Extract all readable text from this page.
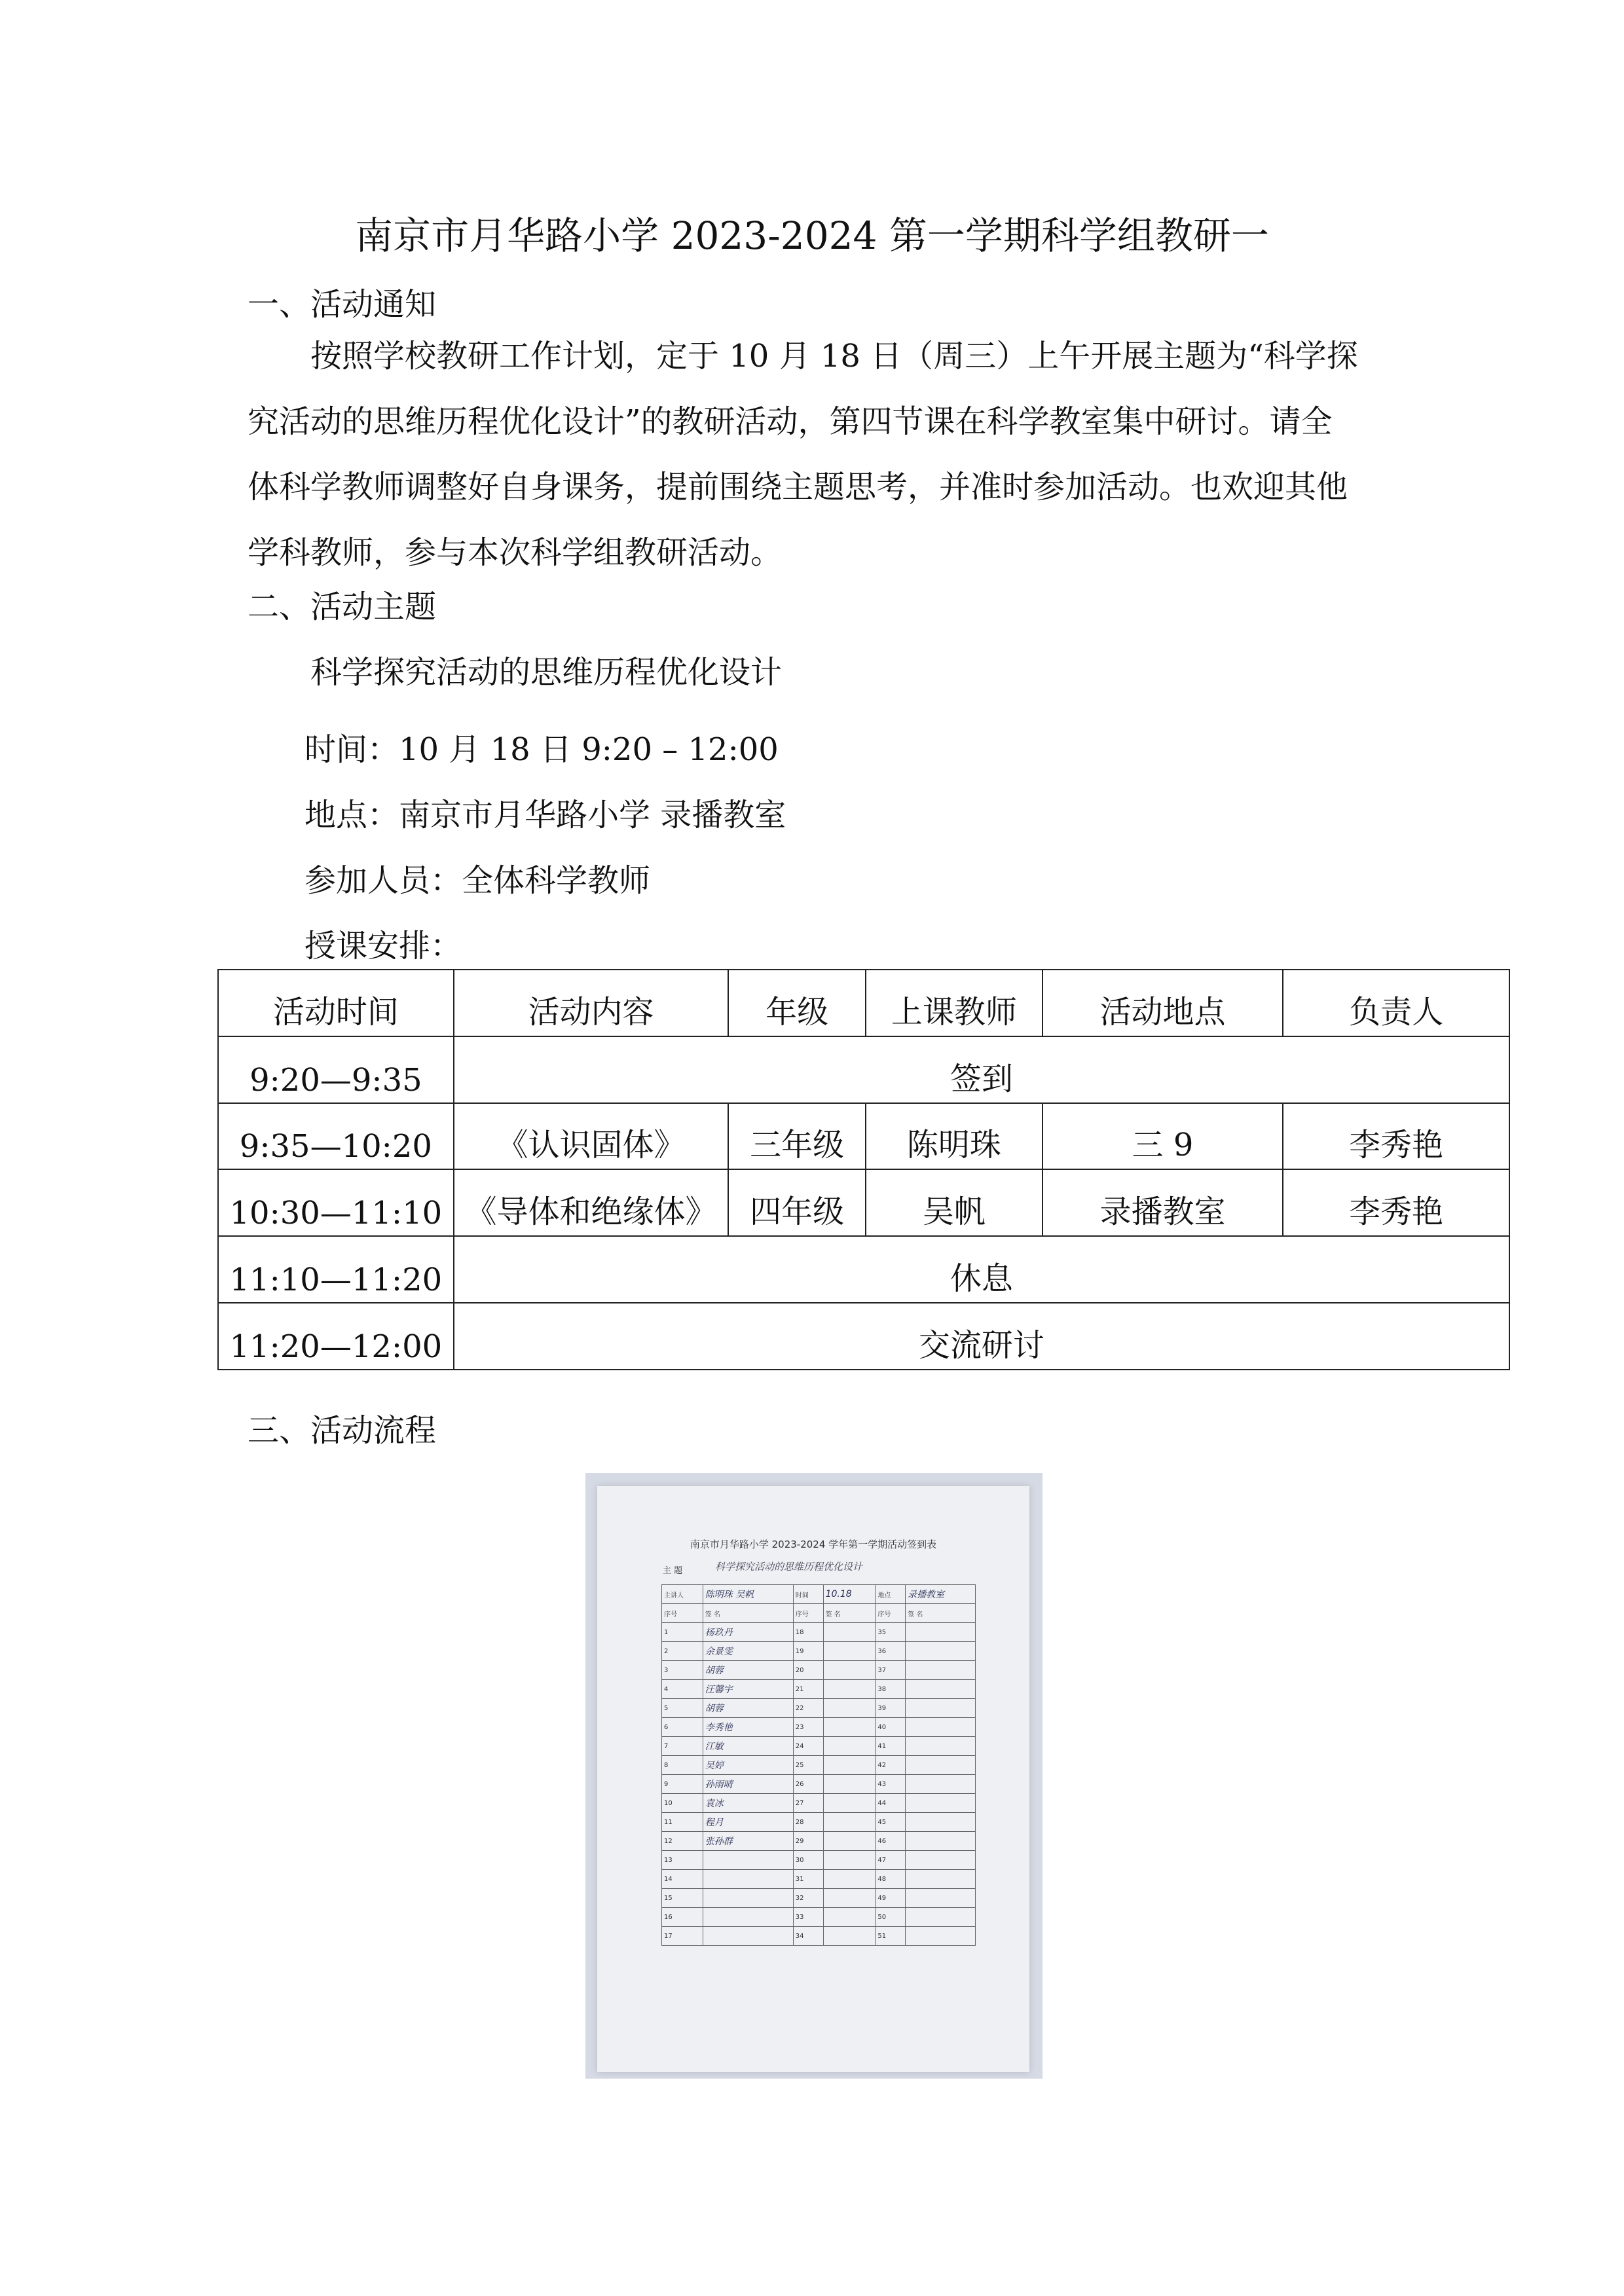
南京市月华路小学 2023-2024 第一学期科学组教研一
一、活动通知

按照学校教研工作计划，定于 10 月 18 日（周三）上午开展主题为“科学探

究活动的思维历程优化设计”的教研活动，第四节课在科学教室集中研讨。请全

体科学教师调整好自身课务，提前围绕主题思考，并准时参加活动。也欢迎其他

学科教师，参与本次科学组教研活动。

二、活动主题
科学探究活动的思维历程优化设计
时间：10 月 18 日 9:20 – 12:00
地点：南京市月华路小学 录播教室
参加人员：全体科学教师
授课安排：
活动时间	活动内容	年级	上课教师	活动地点	负责人
9:20—9:35	签到				
9:35—10:20	《认识固体》	三年级	陈明珠	三 9	李秀艳
10:30—11:10	《导体和绝缘体》	四年级	吴帆	录播教室	李秀艳
11:10—11:20	休息				
11:20—12:00	交流研讨				
三、活动流程
南京市月华路小学 2023-2024 学年第一学期活动签到表
主 题	科学探究活动的思维历程优化设计
主讲人	陈明珠 吴帆	时间	10.18	地点	录播教室
序号	签 名	序号	签 名	序号	签 名
1	杨玖丹	18		35	
2	余景雯	19		36	
3	胡蓉	20		37	
4	汪馨宇	21		38	
5	胡蓉	22		39	
6	李秀艳	23		40	
7	江敏	24		41	
8	吴婷	25		42	
9	孙雨晴	26		43	
10	袁冰	27		44	
11	程月	28		45	
12	张孙群	29		46	
13		30		47	
14		31		48	
15		32		49	
16		33		50	
17		34		51	
